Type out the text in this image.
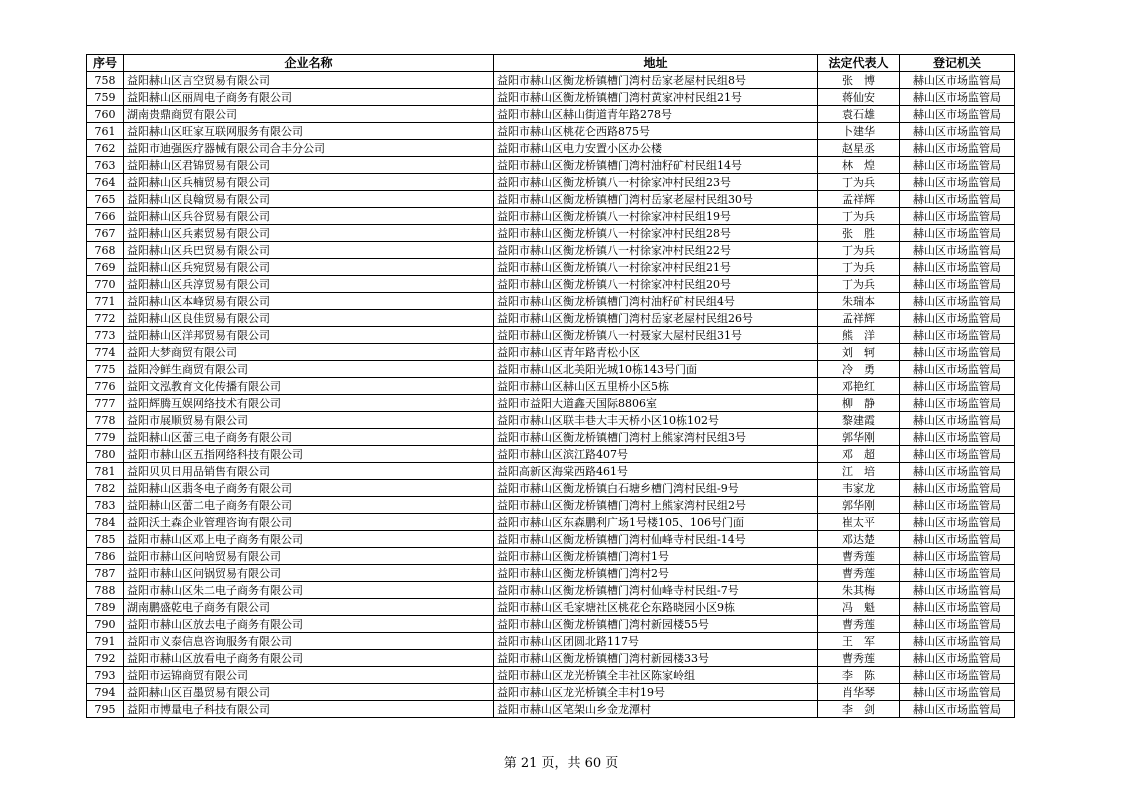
序号	企业名称	地址	法定代表人	登记机关
758	益阳赫山区言空贸易有限公司	益阳市赫山区衡龙桥镇槽门湾村岳家老屋村民组8号	张　博	赫山区市场监管局
759	益阳赫山区丽周电子商务有限公司	益阳市赫山区衡龙桥镇槽门湾村黄家冲村民组21号	蒋仙安	赫山区市场监管局
760	湖南贵鼎商贸有限公司	益阳市赫山区赫山街道青年路278号	袁石雄	赫山区市场监管局
761	益阳赫山区旺家互联网服务有限公司	益阳市赫山区桃花仑西路875号	卜建华	赫山区市场监管局
762	益阳市迪强医疗器械有限公司合丰分公司	益阳市赫山区电力安置小区办公楼	赵星丞	赫山区市场监管局
763	益阳赫山区君锦贸易有限公司	益阳市赫山区衡龙桥镇槽门湾村油籽矿村民组14号	林　煌	赫山区市场监管局
764	益阳赫山区兵楠贸易有限公司	益阳市赫山区衡龙桥镇八一村徐家冲村民组23号	丁为兵	赫山区市场监管局
765	益阳赫山区良翰贸易有限公司	益阳市赫山区衡龙桥镇槽门湾村岳家老屋村民组30号	孟祥辉	赫山区市场监管局
766	益阳赫山区兵谷贸易有限公司	益阳市赫山区衡龙桥镇八一村徐家冲村民组19号	丁为兵	赫山区市场监管局
767	益阳赫山区兵素贸易有限公司	益阳市赫山区衡龙桥镇八一村徐家冲村民组28号	张　胜	赫山区市场监管局
768	益阳赫山区兵巴贸易有限公司	益阳市赫山区衡龙桥镇八一村徐家冲村民组22号	丁为兵	赫山区市场监管局
769	益阳赫山区兵宛贸易有限公司	益阳市赫山区衡龙桥镇八一村徐家冲村民组21号	丁为兵	赫山区市场监管局
770	益阳赫山区兵淳贸易有限公司	益阳市赫山区衡龙桥镇八一村徐家冲村民组20号	丁为兵	赫山区市场监管局
771	益阳赫山区本峰贸易有限公司	益阳市赫山区衡龙桥镇槽门湾村油籽矿村民组4号	朱瑞本	赫山区市场监管局
772	益阳赫山区良佳贸易有限公司	益阳市赫山区衡龙桥镇槽门湾村岳家老屋村民组26号	孟祥辉	赫山区市场监管局
773	益阳赫山区洋邦贸易有限公司	益阳市赫山区衡龙桥镇八一村聂家大屋村民组31号	熊　洋	赫山区市场监管局
774	益阳大梦商贸有限公司	益阳市赫山区青年路青松小区	刘　轲	赫山区市场监管局
775	益阳冷鲜生商贸有限公司	益阳市赫山区北美阳光城10栋143号门面	冷　勇	赫山区市场监管局
776	益阳文泓教育文化传播有限公司	益阳市赫山区赫山区五里桥小区5栋	邓艳红	赫山区市场监管局
777	益阳辉腾互娱网络技术有限公司	益阳市益阳大道鑫天国际8806室	柳　静	赫山区市场监管局
778	益阳市展顺贸易有限公司	益阳市赫山区联丰巷大丰天桥小区10栋102号	黎建霞	赫山区市场监管局
779	益阳赫山区蕾三电子商务有限公司	益阳市赫山区衡龙桥镇槽门湾村上熊家湾村民组3号	郭华刚	赫山区市场监管局
780	益阳市赫山区五指网络科技有限公司	益阳市赫山区滨江路407号	邓　超	赫山区市场监管局
781	益阳贝贝日用品销售有限公司	益阳高新区海棠西路461号	江　培	赫山区市场监管局
782	益阳赫山区翡冬电子商务有限公司	益阳市赫山区衡龙桥镇白石塘乡槽门湾村民组-9号	韦家龙	赫山区市场监管局
783	益阳赫山区蕾二电子商务有限公司	益阳市赫山区衡龙桥镇槽门湾村上熊家湾村民组2号	郭华刚	赫山区市场监管局
784	益阳沃土森企业管理咨询有限公司	益阳市赫山区东森鹏利广场1号楼105、106号门面	崔太平	赫山区市场监管局
785	益阳市赫山区邓上电子商务有限公司	益阳市赫山区衡龙桥镇槽门湾村仙峰寺村民组-14号	邓达楚	赫山区市场监管局
786	益阳市赫山区问啥贸易有限公司	益阳市赫山区衡龙桥镇槽门湾村1号	曹秀莲	赫山区市场监管局
787	益阳市赫山区问锅贸易有限公司	益阳市赫山区衡龙桥镇槽门湾村2号	曹秀莲	赫山区市场监管局
788	益阳市赫山区朱二电子商务有限公司	益阳市赫山区衡龙桥镇槽门湾村仙峰寺村民组-7号	朱其梅	赫山区市场监管局
789	湖南鹏盛乾电子商务有限公司	益阳市赫山区毛家塘社区桃花仑东路晓园小区9栋	冯　魁	赫山区市场监管局
790	益阳市赫山区放去电子商务有限公司	益阳市赫山区衡龙桥镇槽门湾村新园楼55号	曹秀莲	赫山区市场监管局
791	益阳市义泰信息咨询服务有限公司	益阳市赫山区团圆北路117号	王　军	赫山区市场监管局
792	益阳市赫山区放看电子商务有限公司	益阳市赫山区衡龙桥镇槽门湾村新园楼33号	曹秀莲	赫山区市场监管局
793	益阳市运锦商贸有限公司	益阳市赫山区龙光桥镇全丰社区陈家岭组	李　陈	赫山区市场监管局
794	益阳赫山区百墨贸易有限公司	益阳市赫山区龙光桥镇全丰村19号	肖华琴	赫山区市场监管局
795	益阳市博量电子科技有限公司	益阳市赫山区笔架山乡金龙潭村	李　剑	赫山区市场监管局
第 21 页，共 60 页
